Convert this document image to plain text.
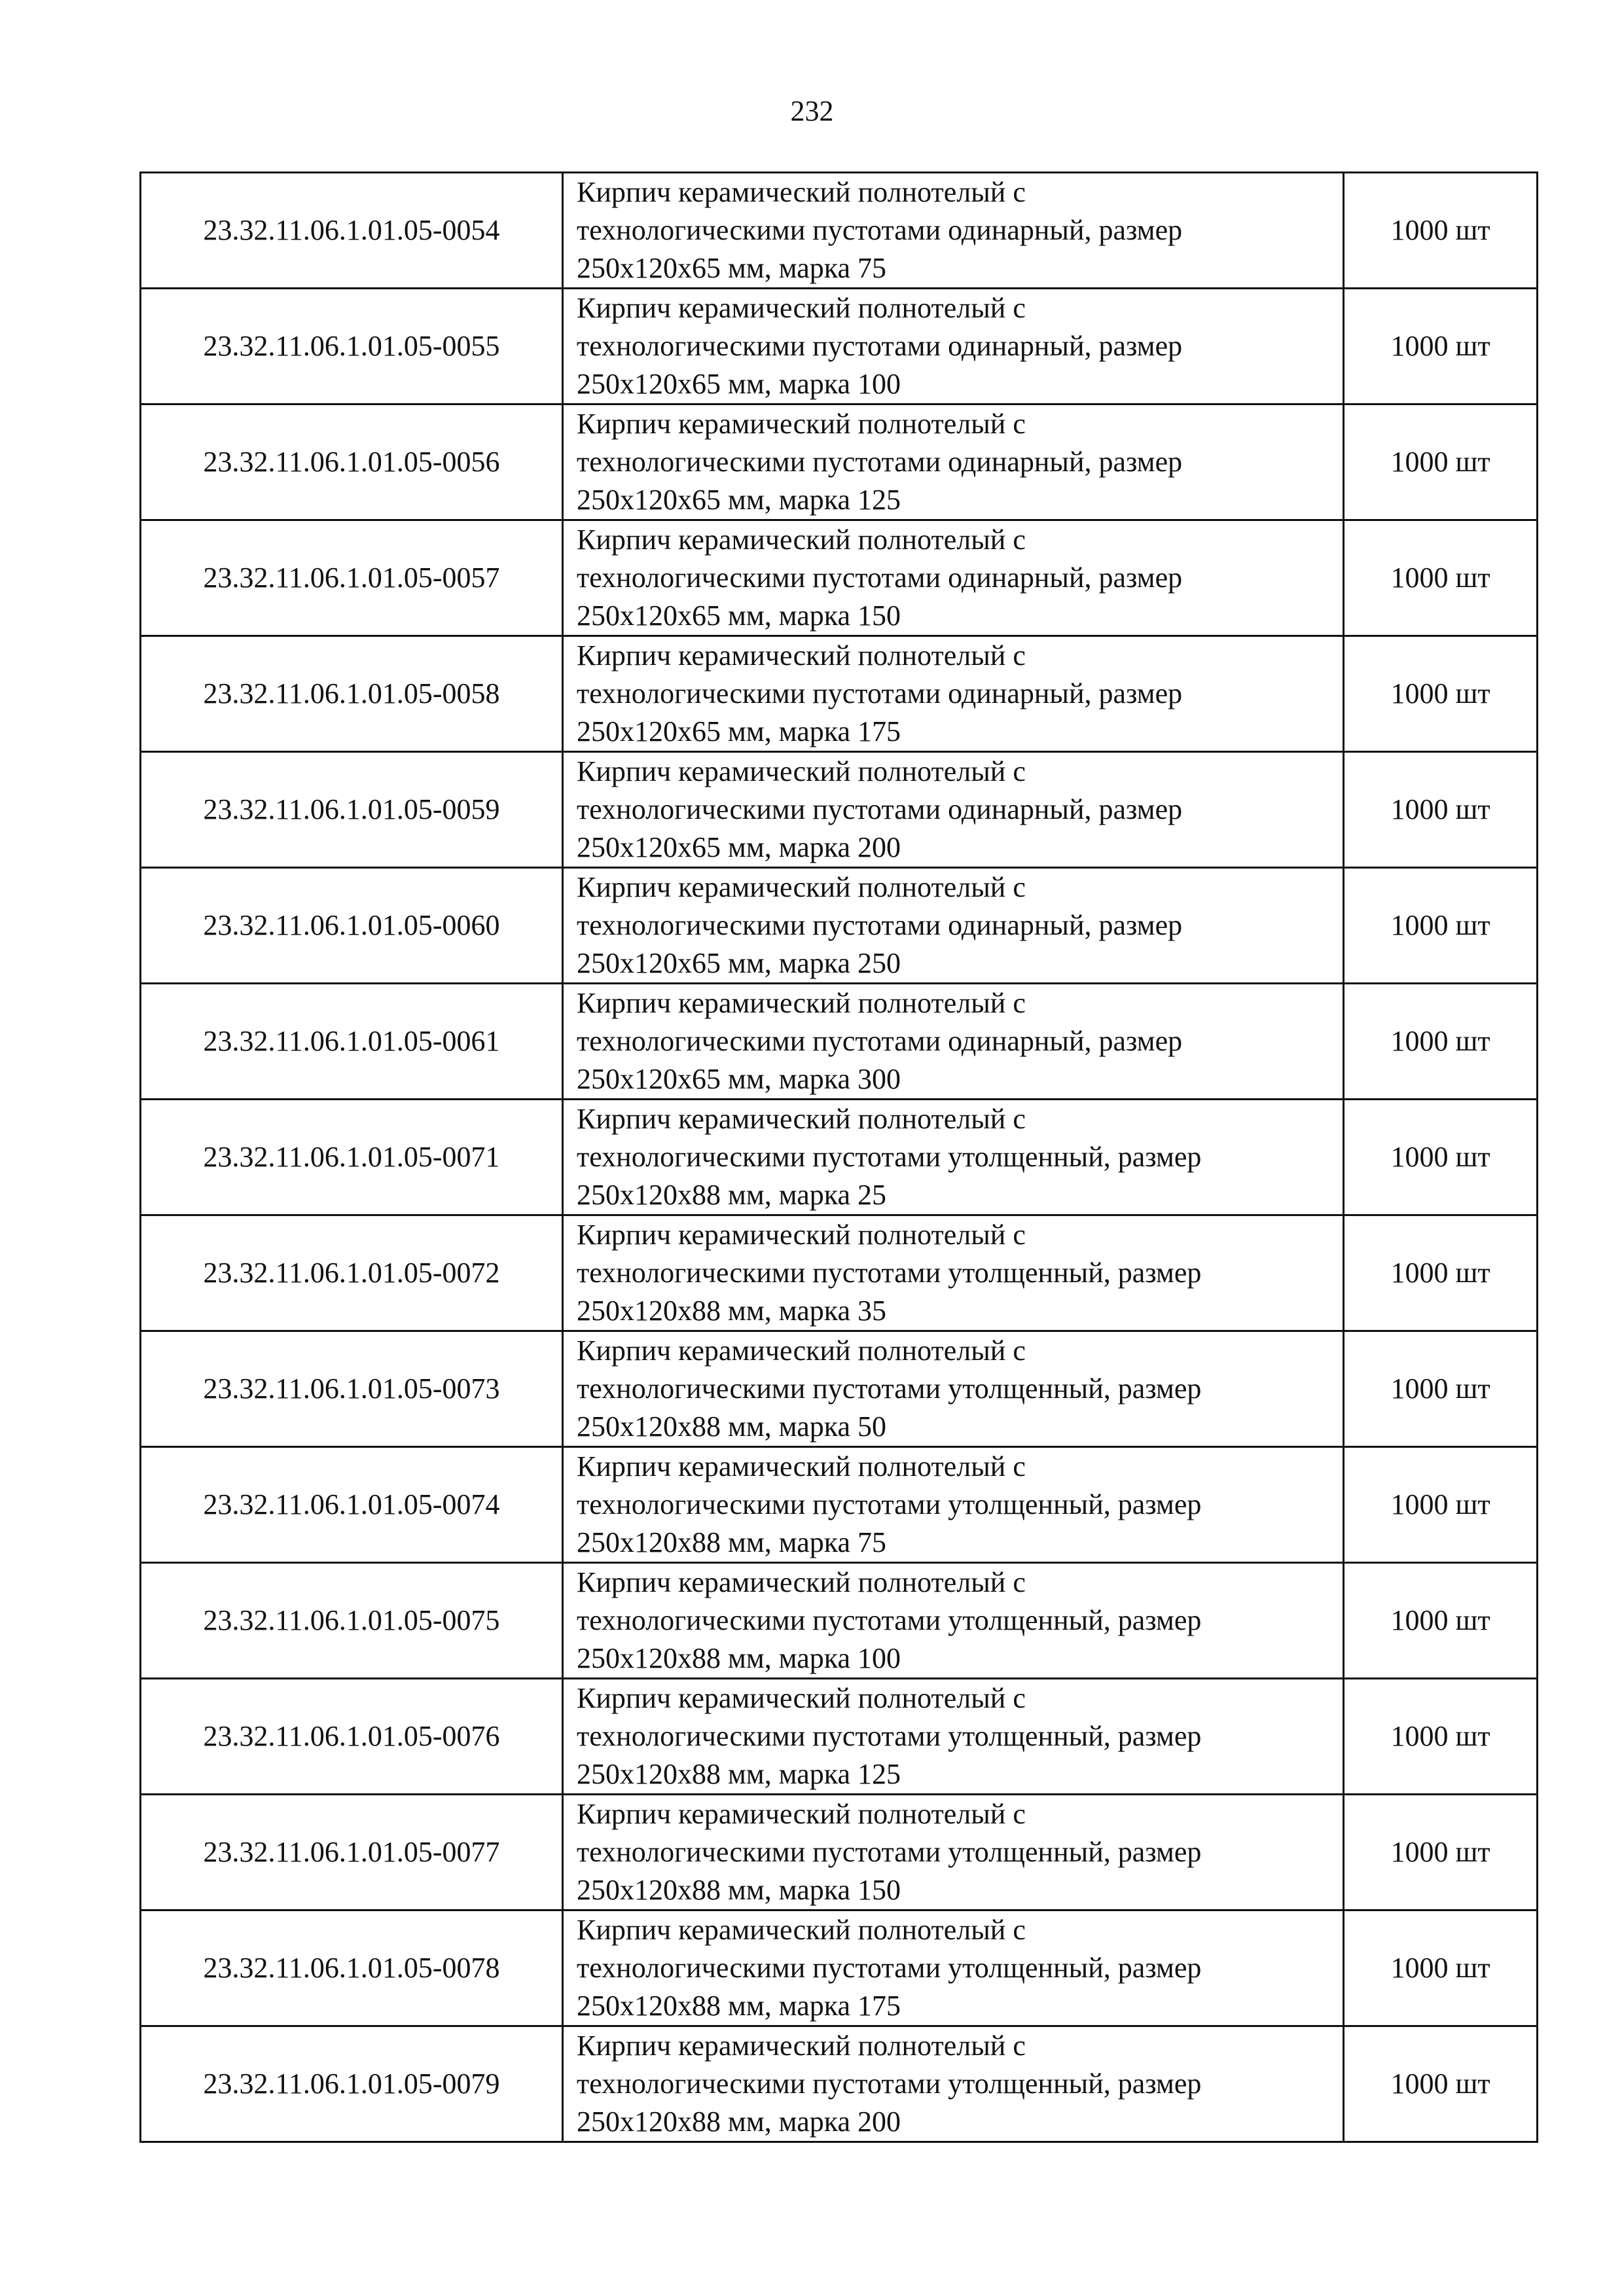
232
23.32.11.06.1.01.05-0054	Кирпич керамический полнотелый с
технологическими пустотами одинарный, размер
250х120х65 мм, марка 75	1000 шт
23.32.11.06.1.01.05-0055	Кирпич керамический полнотелый с
технологическими пустотами одинарный, размер
250х120х65 мм, марка 100	1000 шт
23.32.11.06.1.01.05-0056	Кирпич керамический полнотелый с
технологическими пустотами одинарный, размер
250х120х65 мм, марка 125	1000 шт
23.32.11.06.1.01.05-0057	Кирпич керамический полнотелый с
технологическими пустотами одинарный, размер
250х120х65 мм, марка 150	1000 шт
23.32.11.06.1.01.05-0058	Кирпич керамический полнотелый с
технологическими пустотами одинарный, размер
250х120х65 мм, марка 175	1000 шт
23.32.11.06.1.01.05-0059	Кирпич керамический полнотелый с
технологическими пустотами одинарный, размер
250х120х65 мм, марка 200	1000 шт
23.32.11.06.1.01.05-0060	Кирпич керамический полнотелый с
технологическими пустотами одинарный, размер
250х120х65 мм, марка 250	1000 шт
23.32.11.06.1.01.05-0061	Кирпич керамический полнотелый с
технологическими пустотами одинарный, размер
250х120х65 мм, марка 300	1000 шт
23.32.11.06.1.01.05-0071	Кирпич керамический полнотелый с
технологическими пустотами утолщенный, размер
250х120х88 мм, марка 25	1000 шт
23.32.11.06.1.01.05-0072	Кирпич керамический полнотелый с
технологическими пустотами утолщенный, размер
250х120х88 мм, марка 35	1000 шт
23.32.11.06.1.01.05-0073	Кирпич керамический полнотелый с
технологическими пустотами утолщенный, размер
250х120х88 мм, марка 50	1000 шт
23.32.11.06.1.01.05-0074	Кирпич керамический полнотелый с
технологическими пустотами утолщенный, размер
250х120х88 мм, марка 75	1000 шт
23.32.11.06.1.01.05-0075	Кирпич керамический полнотелый с
технологическими пустотами утолщенный, размер
250х120х88 мм, марка 100	1000 шт
23.32.11.06.1.01.05-0076	Кирпич керамический полнотелый с
технологическими пустотами утолщенный, размер
250х120х88 мм, марка 125	1000 шт
23.32.11.06.1.01.05-0077	Кирпич керамический полнотелый с
технологическими пустотами утолщенный, размер
250х120х88 мм, марка 150	1000 шт
23.32.11.06.1.01.05-0078	Кирпич керамический полнотелый с
технологическими пустотами утолщенный, размер
250х120х88 мм, марка 175	1000 шт
23.32.11.06.1.01.05-0079	Кирпич керамический полнотелый с
технологическими пустотами утолщенный, размер
250х120х88 мм, марка 200	1000 шт
